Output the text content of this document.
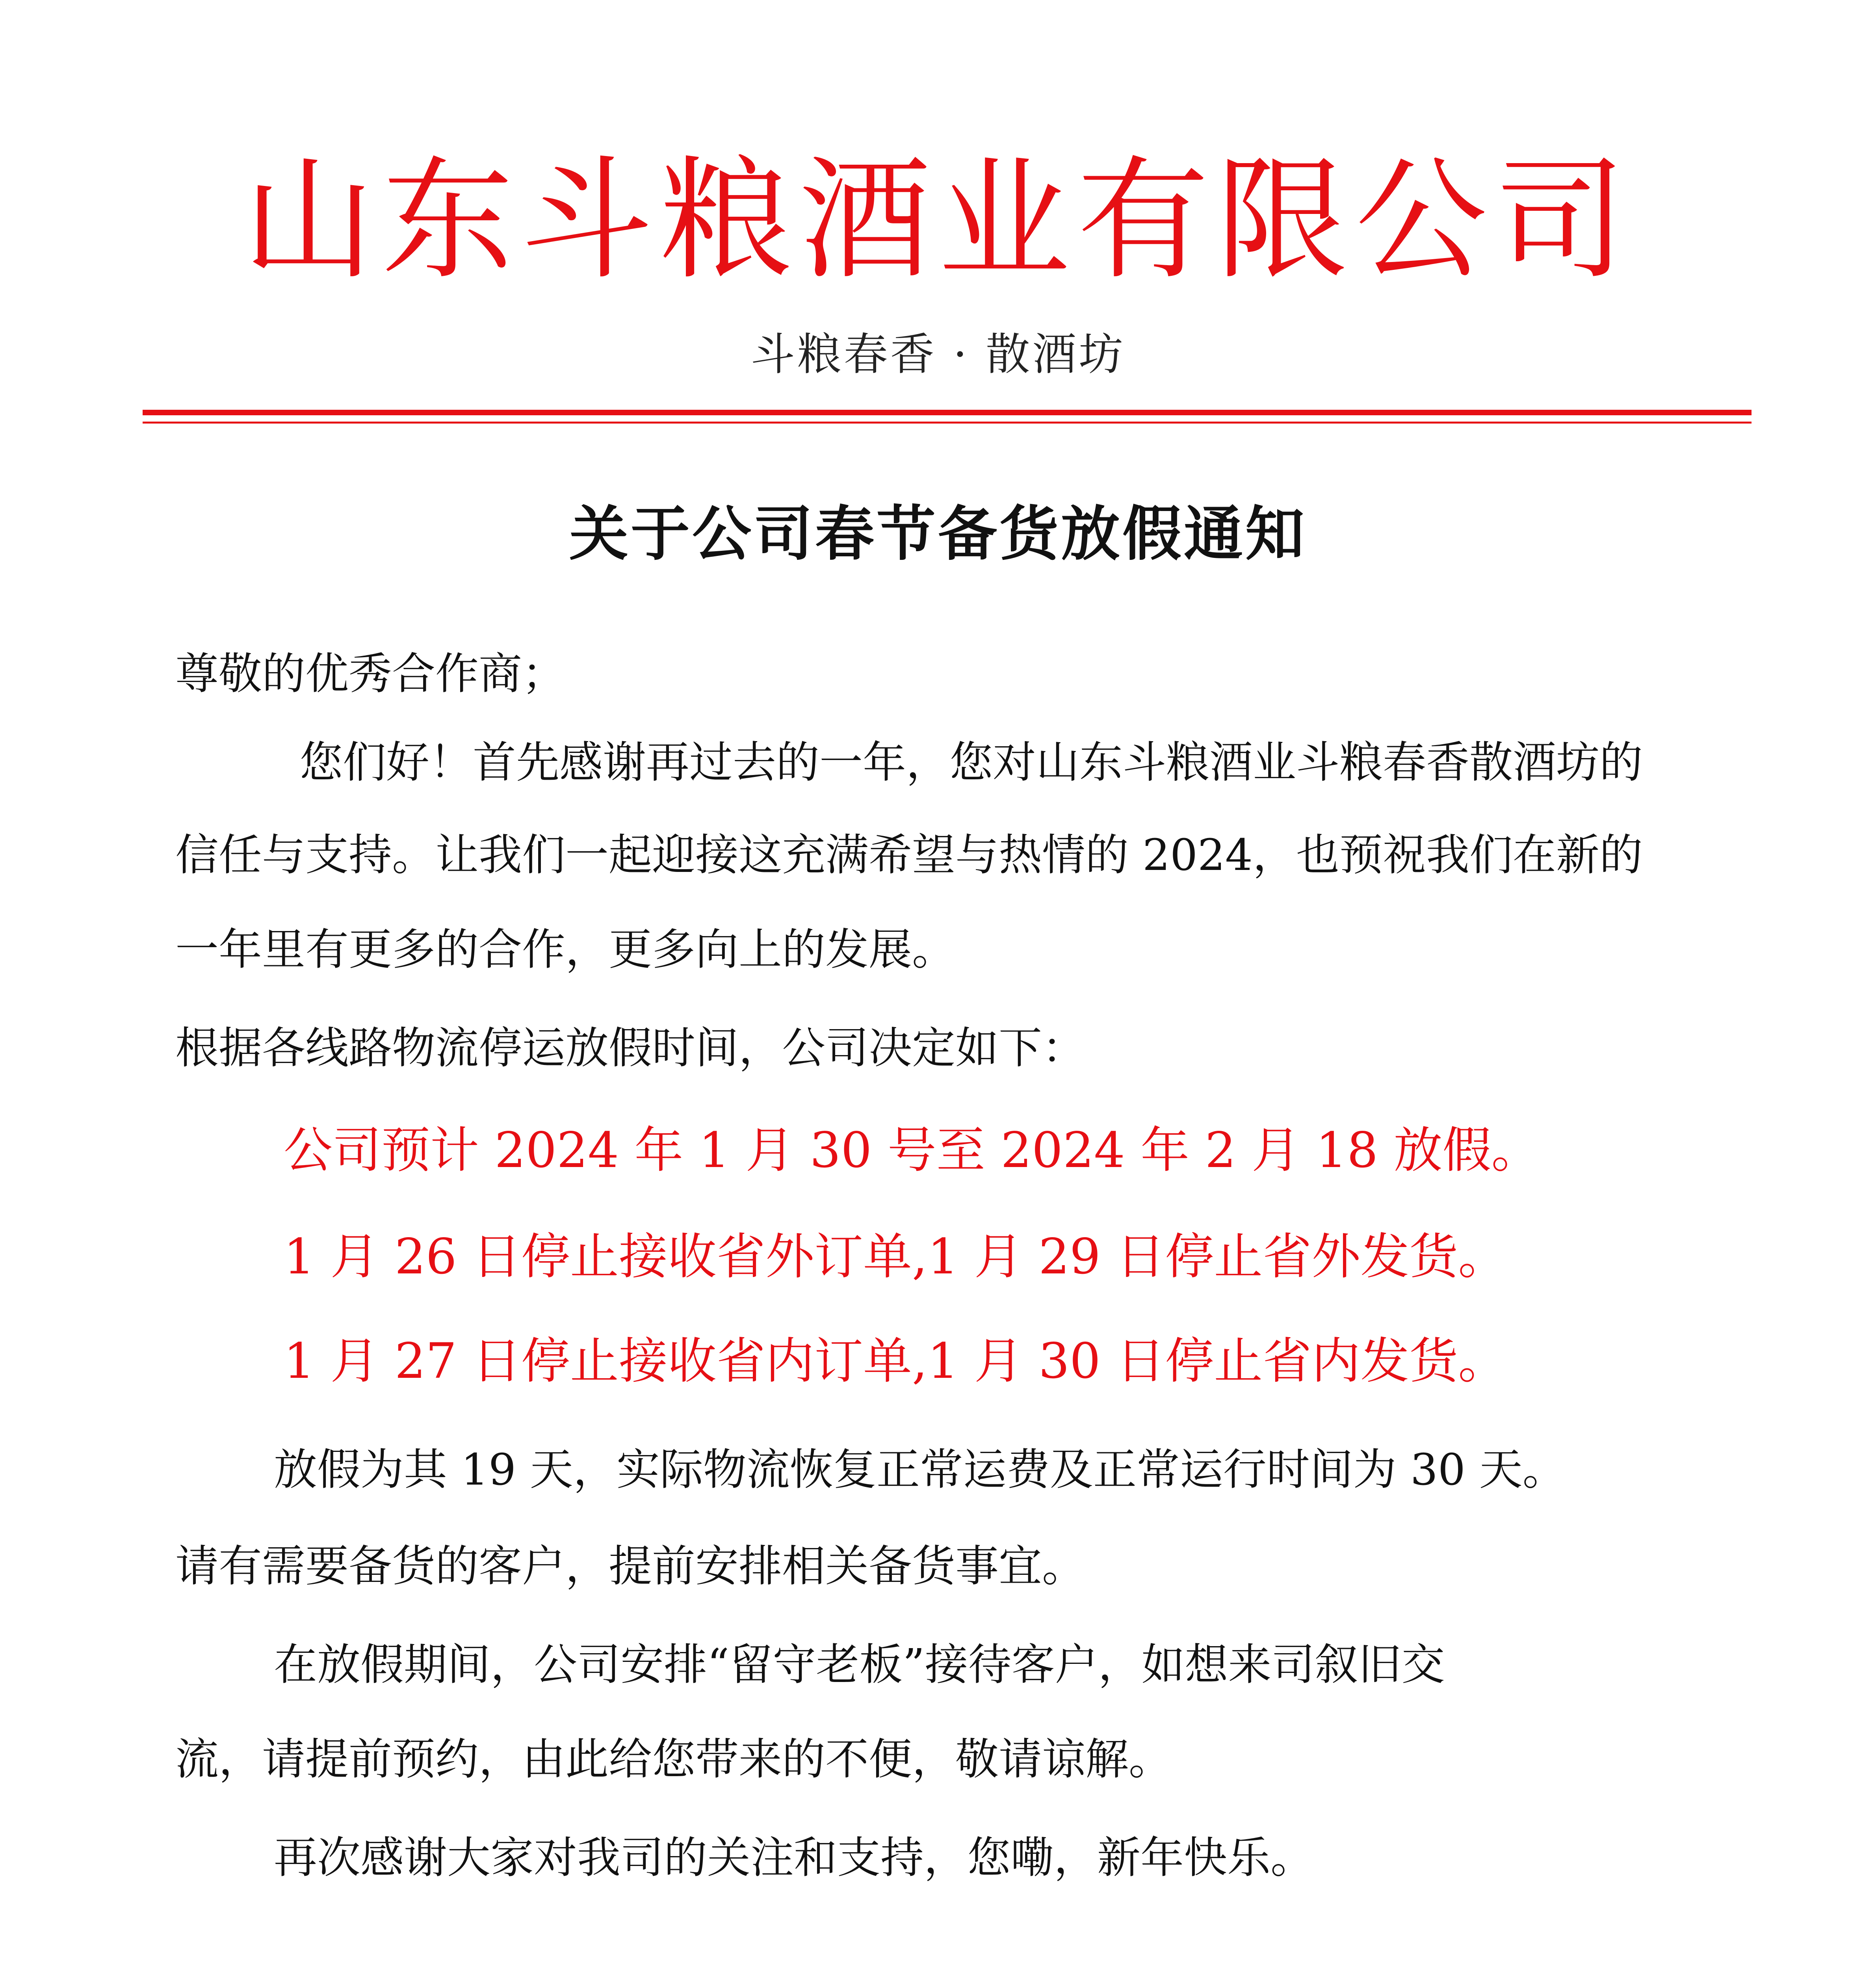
山东斗粮酒业有限公司
斗粮春香 · 散酒坊
关于公司春节备货放假通知
尊敬的优秀合作商；
您们好！首先感谢再过去的一年，您对山东斗粮酒业斗粮春香散酒坊的
信任与支持。让我们一起迎接这充满希望与热情的 2024，也预祝我们在新的
一年里有更多的合作，更多向上的发展。
根据各线路物流停运放假时间，公司决定如下：
公司预计 2024 年 1 月 30 号至 2024 年 2 月 18 放假。
1 月 26 日停止接收省外订单,1 月 29 日停止省外发货。
1 月 27 日停止接收省内订单,1 月 30 日停止省内发货。
放假为其 19 天，实际物流恢复正常运费及正常运行时间为 30 天。
请有需要备货的客户，提前安排相关备货事宜。
在放假期间，公司安排“留守老板”接待客户，如想来司叙旧交
流，请提前预约，由此给您带来的不便，敬请谅解。
再次感谢大家对我司的关注和支持，您嘞，新年快乐。
